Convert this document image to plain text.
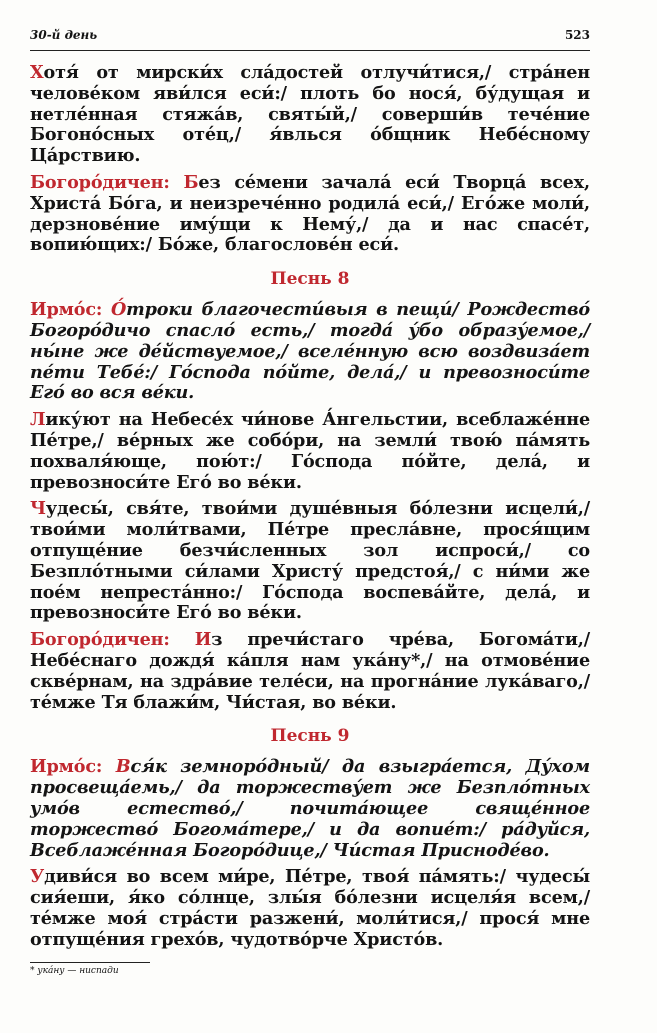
30-й день	523

Хотя́ от мирски́х сла́достей отлучи́тися,/ стра́нен челове́ком яви́лся еси́:/ плоть бо нося́, бу́дущая и нетле́нная стяжа́в, святы́й,/ соверши́в тече́ние Богоно́сных оте́ц,/ я́влься о́бщник Небе́сному Ца́рствию.

Богоро́дичен: Без се́мени зачала́ еси́ Творца́ всех, Христа́ Бо́га, и неизрече́нно родила́ еси́,/ Его́же моли́, дерзнове́ние иму́щи к Нему́,/ да и нас спасе́т, вопию́щих:/ Бо́же, благослове́н еси́.

Песнь 8

Ирмо́с: О́троки благочести́выя в пещи́/ Рождество́ Богоро́дичо спасло́ есть,/ тогда́ у́бо образу́емое,/ ны́не же де́йствуемое,/ вселе́нную всю воздвиза́ет пе́ти Тебе́:/ Го́спода по́йте, дела́,/ и превозноси́те Его́ во вся ве́ки.

Лику́ют на Небесе́х чи́нове А́нгельстии, всеблаже́нне Пе́тре,/ ве́рных же собо́ри, на земли́ твою́ па́мять похваля́юще, пою́т:/ Го́спода по́йте, дела́, и превозноси́те Его́ во ве́ки.

Чудесы́, свя́те, твои́ми душе́вныя бо́лезни исцели́,/ твои́ми моли́твами, Пе́тре пресла́вне, прося́щим отпуще́ние безчи́сленных зол испроси́,/ со Безпло́тными си́лами Христу́ предстоя́,/ с ни́ми же пое́м непреста́нно:/ Го́спода воспева́йте, дела́, и превозноси́те Его́ во ве́ки.

Богоро́дичен: Из пречи́стаго чре́ва, Богома́ти,/ Небе́снаго дождя́ ка́пля нам ука́ну*,/ на отмове́ние скве́рнам, на здра́вие теле́си, на прогна́ние лука́ваго,/ те́мже Тя блажи́м, Чи́стая, во ве́ки.

Песнь 9

Ирмо́с: Вся́к земноро́дный/ да взыгра́ется, Ду́хом просвеща́емь,/ да торжеству́ет же Безпло́тных умо́в естество́,/ почита́ющее свяще́нное торжество́ Богома́тере,/ и да вопие́т:/ ра́дуйся, Всеблаже́нная Богоро́дице,/ Чи́стая Присноде́во.

Удиви́ся во всем ми́ре, Пе́тре, твоя́ па́мять:/ чудесы́ сия́еши, я́ко со́лнце, злы́я бо́лезни исцеля́я всем,/ те́мже моя́ стра́сти разжени́, моли́тися,/ прося́ мне отпуще́ния грехо́в, чудотво́рче Христо́в.

* ука́ну — ниспади
